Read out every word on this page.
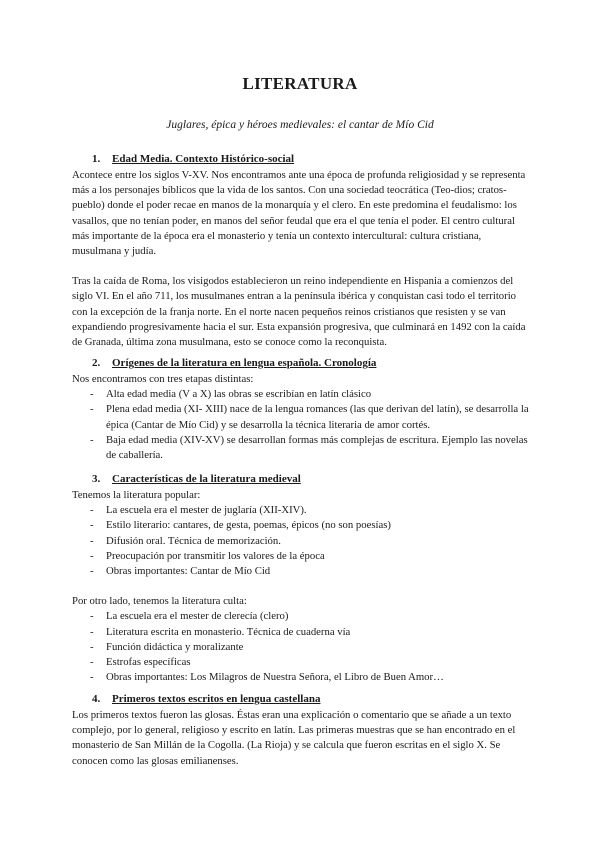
LITERATURA
Juglares, épica y héroes medievales: el cantar de Mío Cid
1. Edad Media. Contexto Histórico-social

Acontece entre los siglos V-XV. Nos encontramos ante una época de profunda religiosidad y se representa más a los personajes bíblicos que la vida de los santos. Con una sociedad teocrática (Teo-dios; cratos-pueblo) donde el poder recae en manos de la monarquía y el clero. En este predomina el feudalismo: los vasallos, que no tenían poder, en manos del señor feudal que era el que tenía el poder. El centro cultural más importante de la época era el monasterio y tenía un contexto intercultural: cultura cristiana, musulmana y judía.

Tras la caída de Roma, los visigodos establecieron un reino independiente en Hispania a comienzos del siglo VI. En el año 711, los musulmanes entran a la península ibérica y conquistan casi todo el territorio con la excepción de la franja norte. En el norte nacen pequeños reinos cristianos que resisten y se van expandiendo progresivamente hacia el sur. Esta expansión progresiva, que culminará en 1492 con la caída de Granada, última zona musulmana, esto se conoce como la reconquista.

2. Orígenes de la literatura en lengua española. Cronología

Nos encontramos con tres etapas distintas:

- Alta edad media (V a X) las obras se escribían en latín clásico
- Plena edad media (XI- XIII) nace de la lengua romances (las que derivan del latín), se desarrolla la épica (Cantar de Mío Cid) y se desarrolla la técnica literaria de amor cortés.
- Baja edad media (XIV-XV) se desarrollan formas más complejas de escritura. Ejemplo las novelas de caballería.
3. Características de la literatura medieval

Tenemos la literatura popular:

- La escuela era el mester de juglaría (XII-XIV).
- Estilo literario: cantares, de gesta, poemas, épicos (no son poesías)
- Difusión oral. Técnica de memorización.
- Preocupación por transmitir los valores de la época
- Obras importantes: Cantar de Mío Cid

Por otro lado, tenemos la literatura culta:

- La escuela era el mester de clerecía (clero)
- Literatura escrita en monasterio. Técnica de cuaderna vía
- Función didáctica y moralizante
- Estrofas específicas
- Obras importantes: Los Milagros de Nuestra Señora, el Libro de Buen Amor…
4. Primeros textos escritos en lengua castellana

Los primeros textos fueron las glosas. Éstas eran una explicación o comentario que se añade a un texto complejo, por lo general, religioso y escrito en latín. Las primeras muestras que se han encontrado en el monasterio de San Millán de la Cogolla. (La Rioja) y se calcula que fueron escritas en el siglo X. Se conocen como las glosas emilianenses.
